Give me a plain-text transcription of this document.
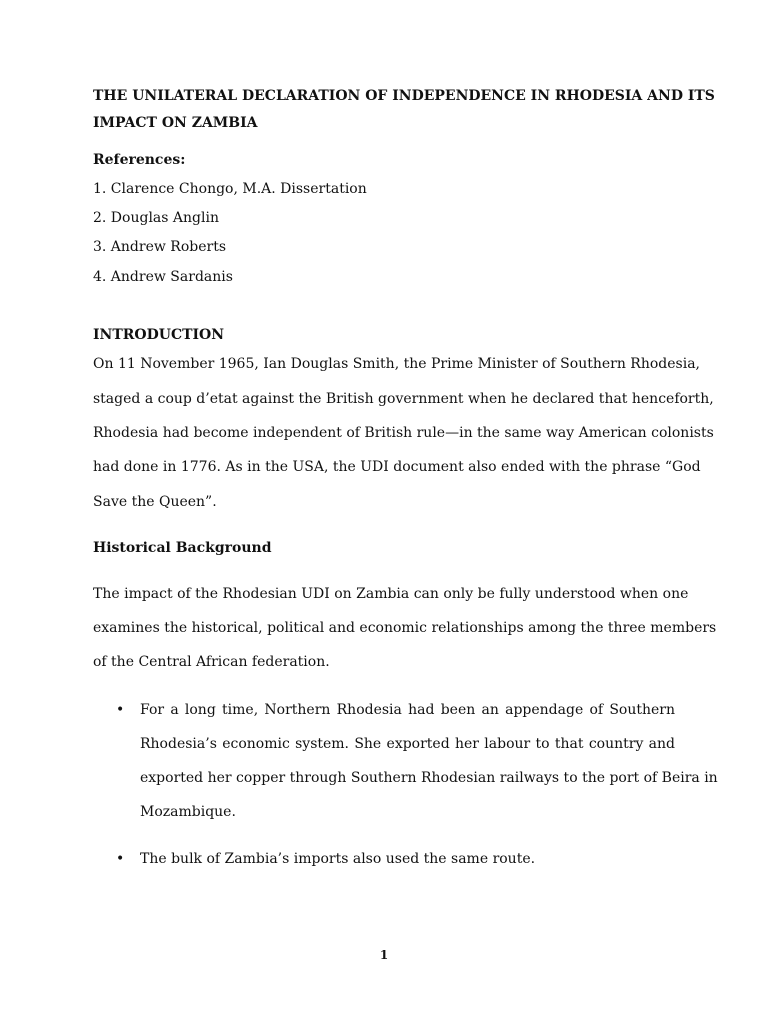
THE UNILATERAL DECLARATION OF INDEPENDENCE IN RHODESIA AND ITS

IMPACT ON ZAMBIA

References:

1. Clarence Chongo, M.A. Dissertation

2. Douglas Anglin

3. Andrew Roberts

4. Andrew Sardanis

INTRODUCTION

On 11 November 1965, Ian Douglas Smith, the Prime Minister of Southern Rhodesia,

staged a coup d’etat against the British government when he declared that henceforth,

Rhodesia had become independent of British rule—in the same way American colonists

had done in 1776. As in the USA, the UDI document also ended with the phrase “God

Save the Queen”.

Historical Background

The impact of the Rhodesian UDI on Zambia can only be fully understood when one

examines the historical, political and economic relationships among the three members

of the Central African federation.

• For a long time, Northern Rhodesia had been an appendage of Southern

Rhodesia’s economic system. She exported her labour to that country and

exported her copper through Southern Rhodesian railways to the port of Beira in

Mozambique.

• The bulk of Zambia’s imports also used the same route.

1
